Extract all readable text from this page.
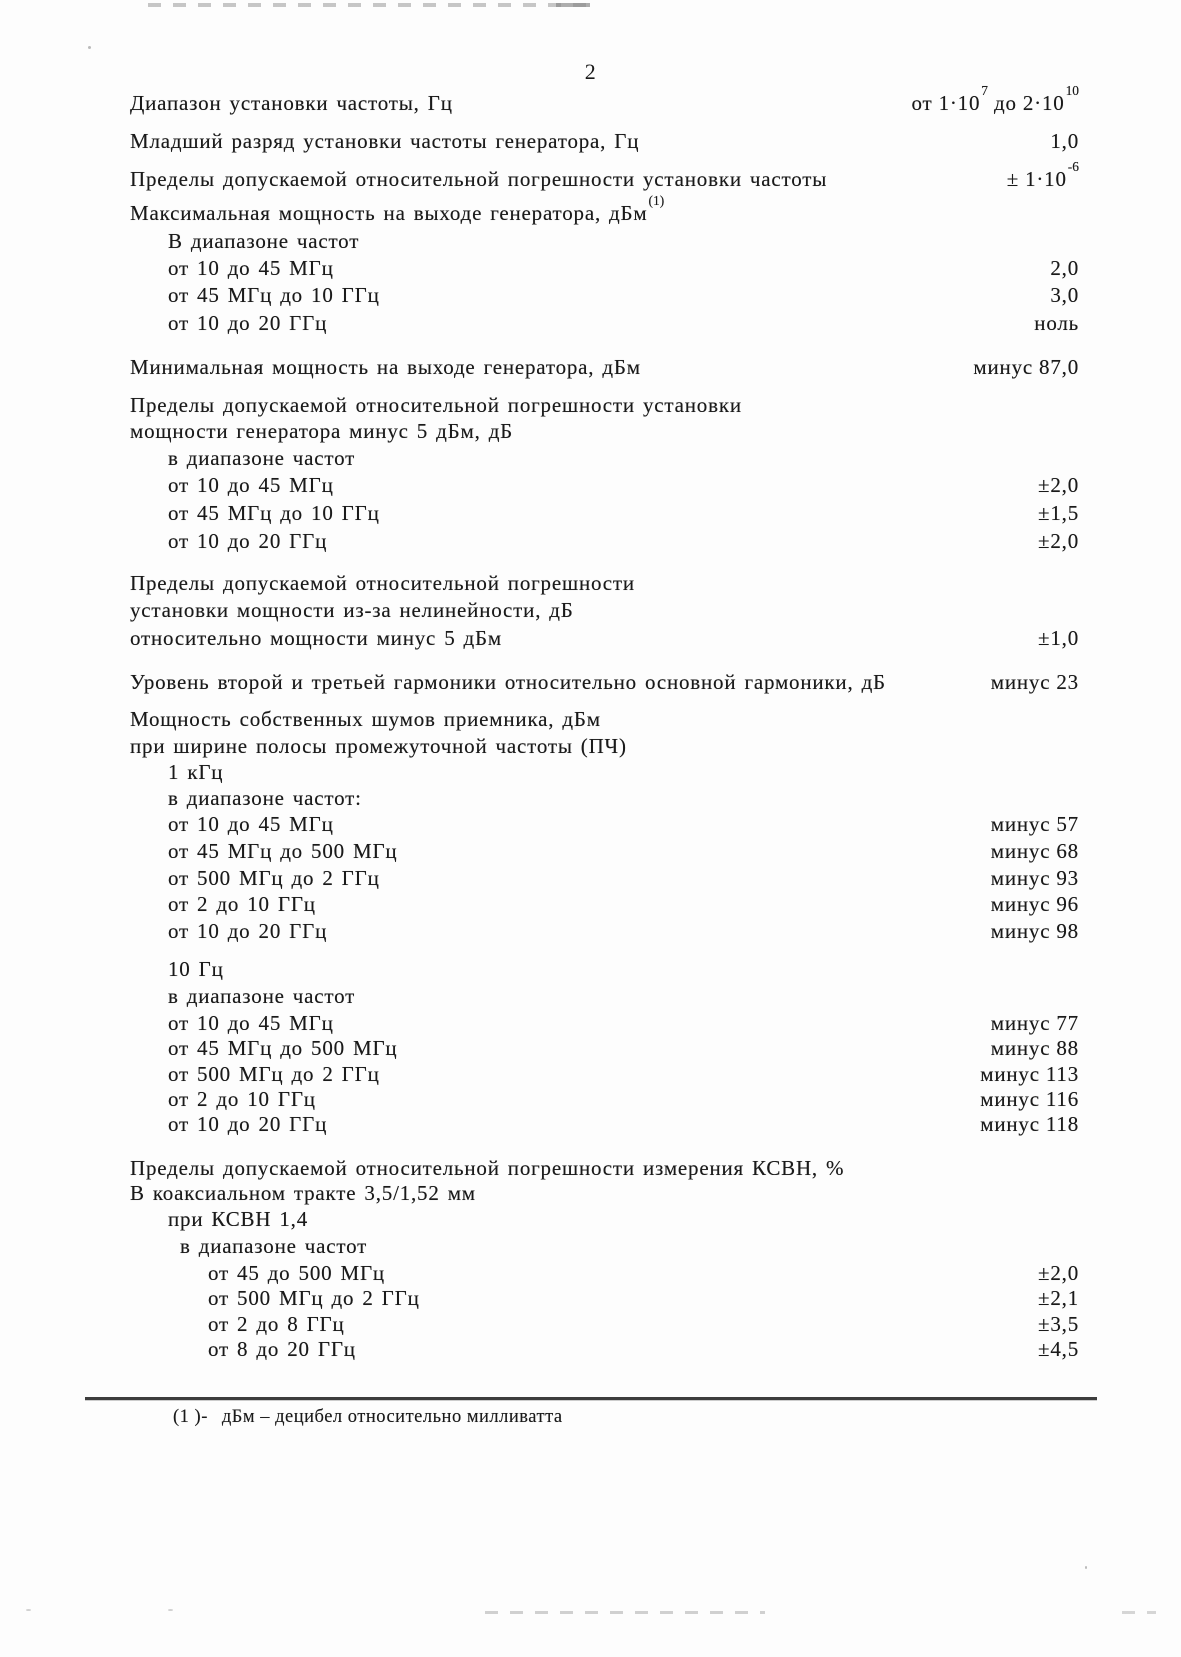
2
Диапазон установки частоты, Гц	от $1\cdot 10^7$ до $2\cdot 10^{10}$
Младший разряд установки частоты генератора, Гц	1,0
Пределы допускаемой относительной погрешности установки частоты	± $1\cdot 10^{-6}$
Максимальная мощность на выходе генератора, дБм$^{(1)}$
В диапазоне частот
от 10 до 45 МГц	2,0
от 45 МГц до 10 ГГц	3,0
от 10 до 20 ГГц	ноль
Минимальная мощность на выходе генератора, дБм	минус 87,0
Пределы допускаемой относительной погрешности установки
мощности генератора минус 5 дБм, дБ
в диапазоне частот
от 10 до 45 МГц	±2,0
от 45 МГц до 10 ГГц	±1,5
от 10 до 20 ГГц	±2,0
Пределы допускаемой относительной погрешности
установки мощности из-за нелинейности, дБ
относительно мощности минус 5 дБм	±1,0
Уровень второй и третьей гармоники относительно основной гармоники, дБ	минус 23
Мощность собственных шумов приемника, дБм
при ширине полосы промежуточной частоты (ПЧ)
1 кГц
в диапазоне частот:
от 10 до 45 МГц	минус 57
от 45 МГц до 500 МГц	минус 68
от 500 МГц до 2 ГГц	минус 93
от 2 до 10 ГГц	минус 96
от 10 до 20 ГГц	минус 98
10 Гц
в диапазоне частот
от 10 до 45 МГц	минус 77
от 45 МГц до 500 МГц	минус 88
от 500 МГц до 2 ГГц	минус 113
от 2 до 10 ГГц	минус 116
от 10 до 20 ГГц	минус 118
Пределы допускаемой относительной погрешности измерения КСВН, %
В коаксиальном тракте 3,5/1,52 мм
при КСВН 1,4
в диапазоне частот
от 45 до 500 МГц	±2,0
от 500 МГц до 2 ГГц	±2,1
от 2 до 8 ГГц	±3,5
от 8 до 20 ГГц	±4,5
(1 )- дБм – децибел относительно милливатта
